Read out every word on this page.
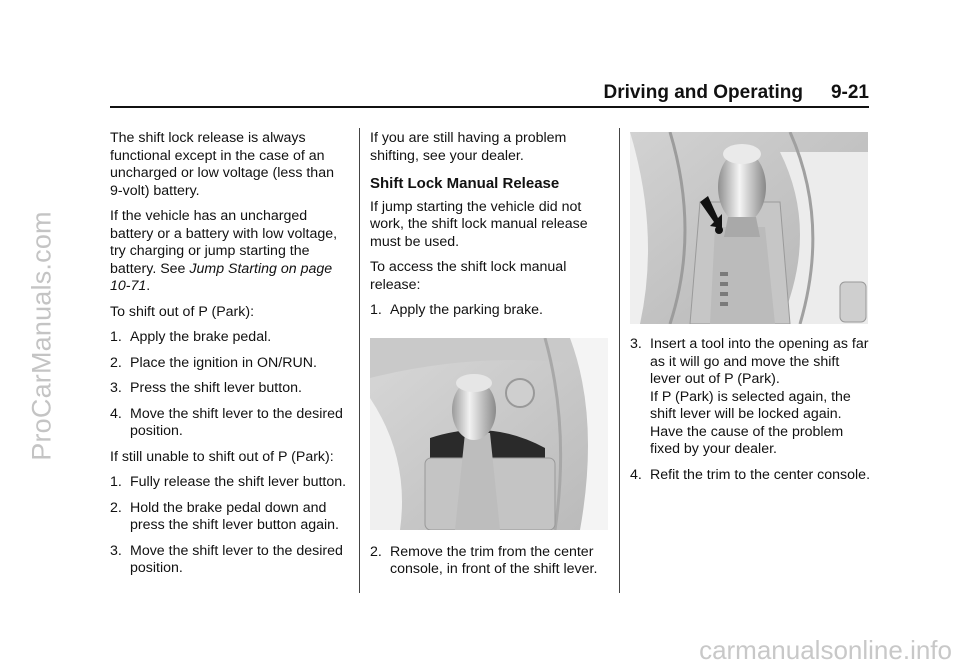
ProCarManuals.com
carmanualsonline.info
Driving and Operating 9-21

The shift lock release is always functional except in the case of an uncharged or low voltage (less than 9-volt) battery.

If the vehicle has an uncharged battery or a battery with low voltage, try charging or jump starting the battery. See Jump Starting on page 10-71.

To shift out of P (Park):

1. Apply the brake pedal.
2. Place the ignition in ON/RUN.
3. Press the shift lever button.
4. Move the shift lever to the desired position.

If still unable to shift out of P (Park):

1. Fully release the shift lever button.
2. Hold the brake pedal down and press the shift lever button again.
3. Move the shift lever to the desired position.

If you are still having a problem shifting, see your dealer.

Shift Lock Manual Release

If jump starting the vehicle did not work, the shift lock manual release must be used.

To access the shift lock manual release:

1. Apply the parking brake.
2. Remove the trim from the center console, in front of the shift lever.
3. Insert a tool into the opening as far as it will go and move the shift lever out of P (Park).
If P (Park) is selected again, the shift lever will be locked again. Have the cause of the problem fixed by your dealer.
4. Refit the trim to the center console.
